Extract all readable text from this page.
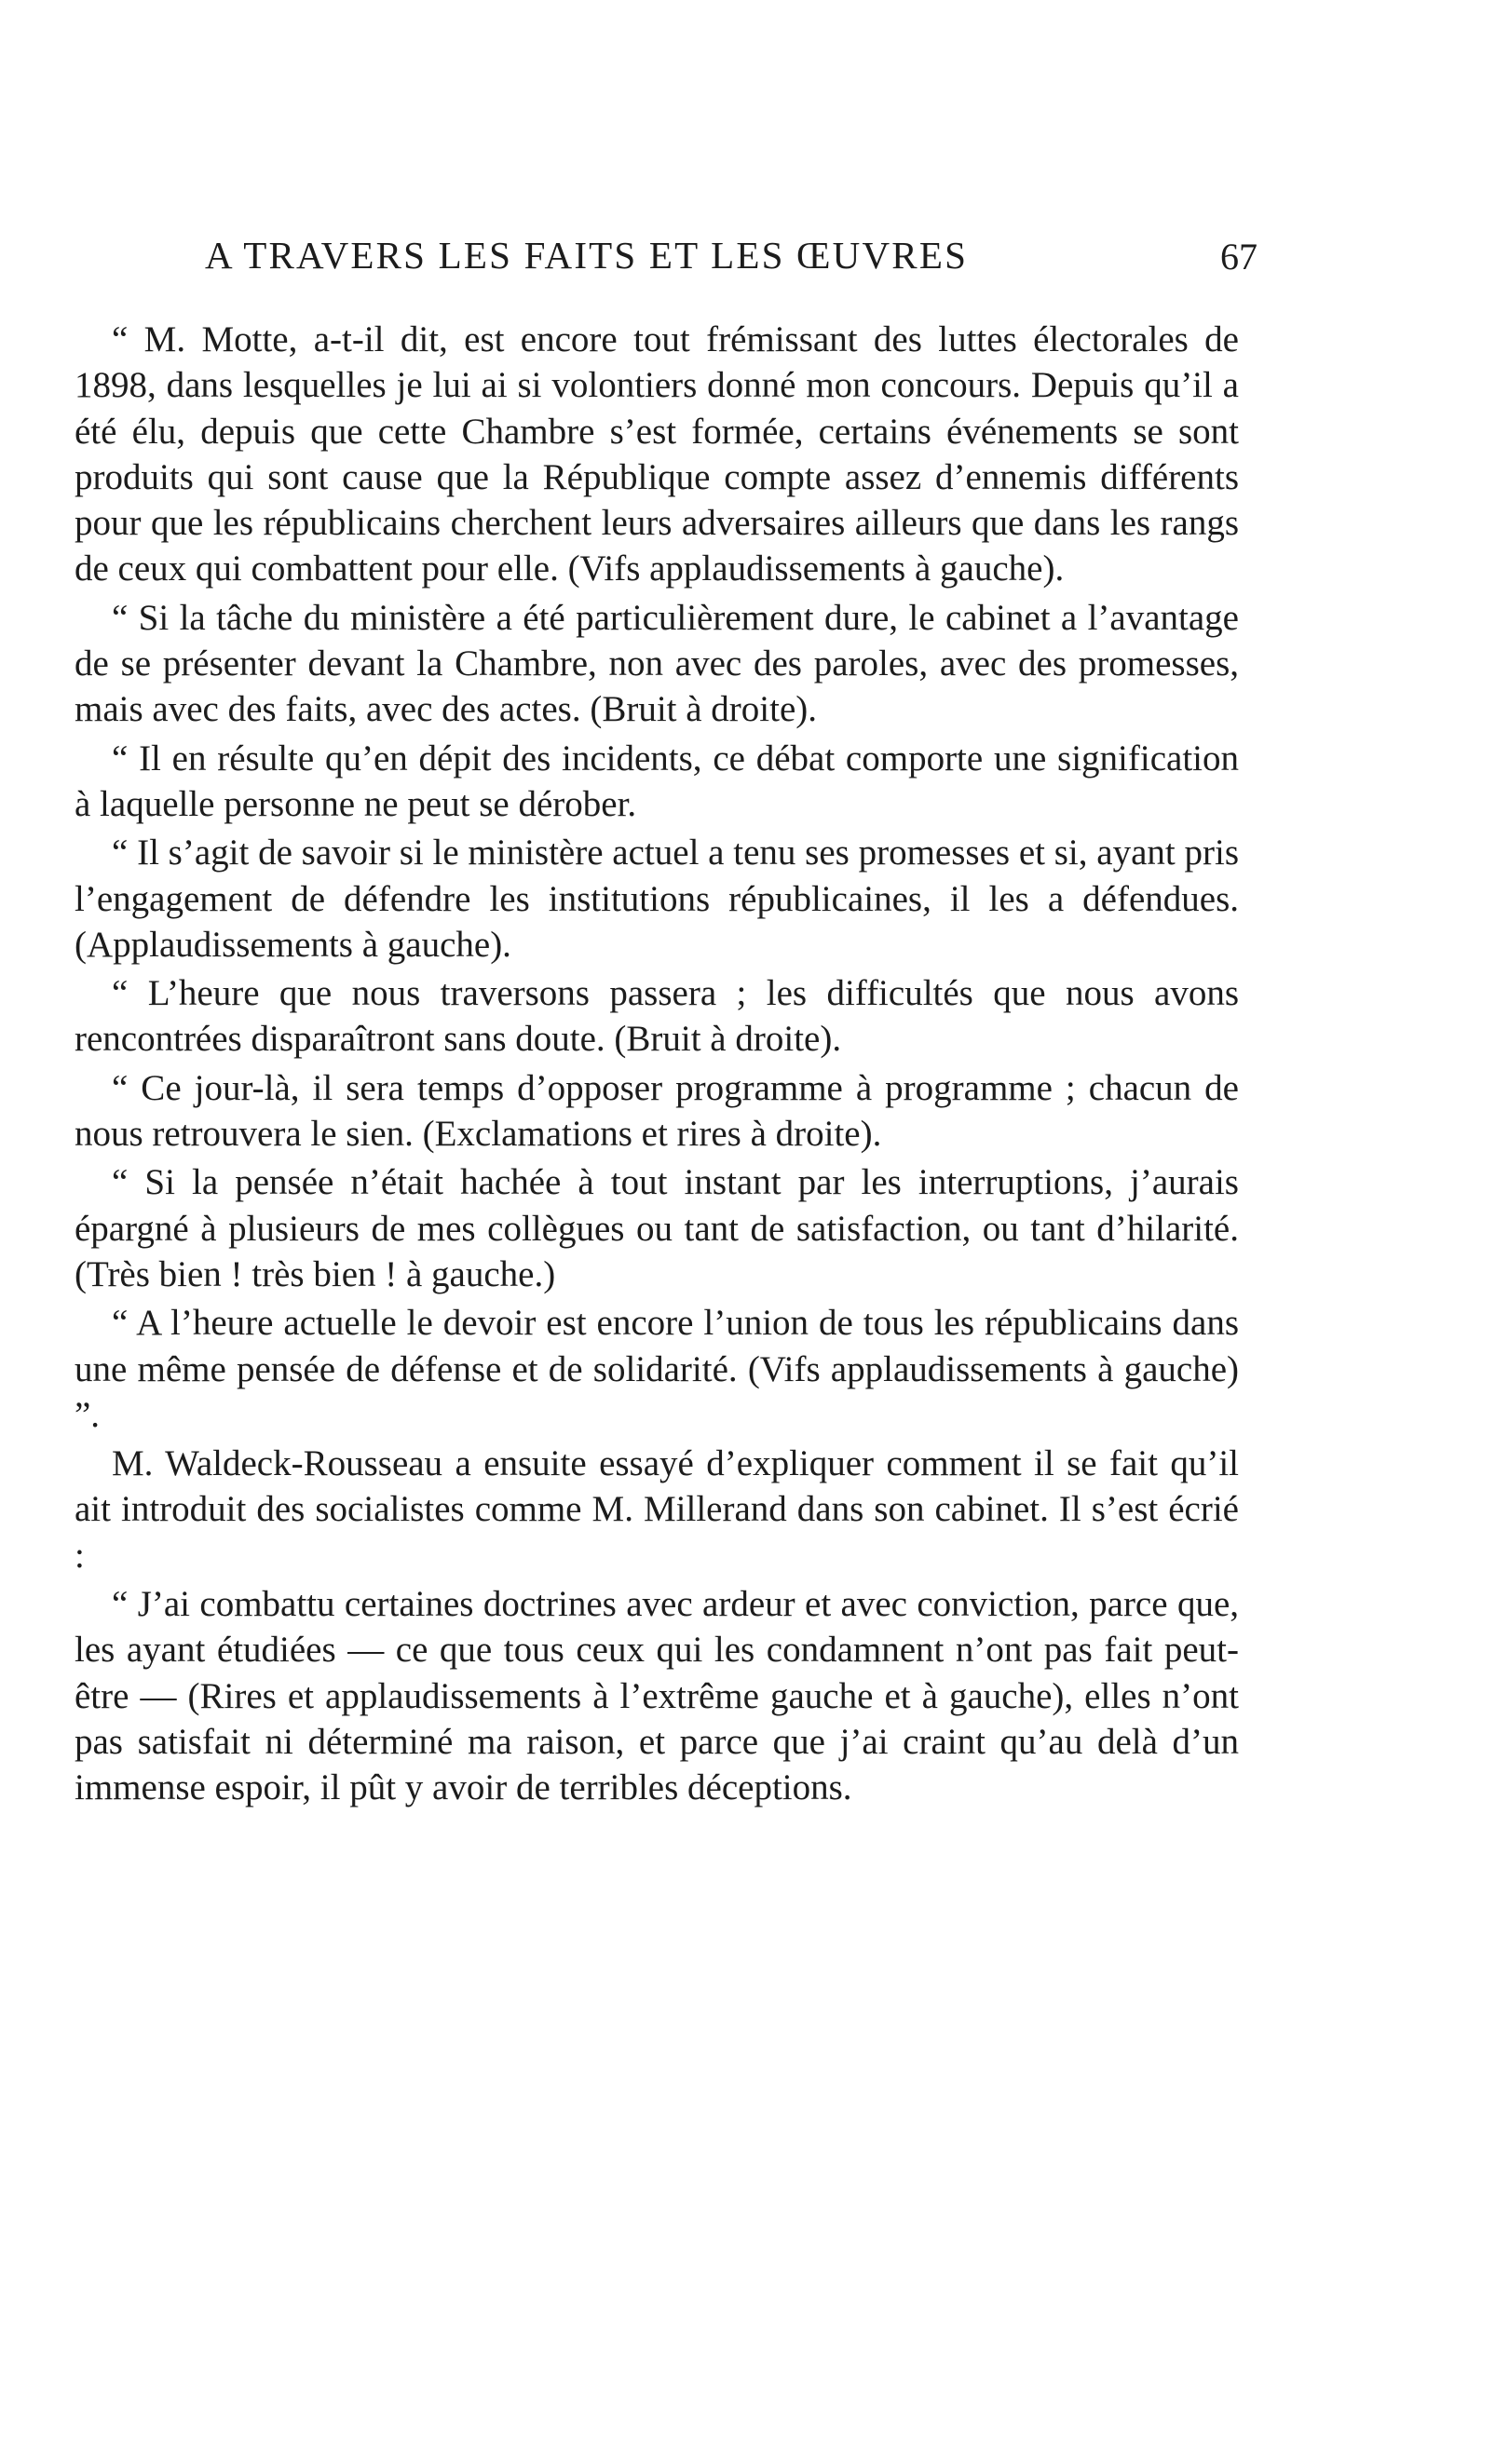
A TRAVERS LES FAITS ET LES ŒUVRES	67

“ M. Motte, a-t-il dit, est encore tout frémissant des luttes électorales de 1898, dans lesquelles je lui ai si volontiers donné mon concours. Depuis qu’il a été élu, depuis que cette Chambre s’est formée, certains événements se sont produits qui sont cause que la République compte assez d’ennemis différents pour que les républicains cherchent leurs adversaires ailleurs que dans les rangs de ceux qui combattent pour elle. (Vifs applaudissements à gauche).

“ Si la tâche du ministère a été particulièrement dure, le cabinet a l’avantage de se présenter devant la Chambre, non avec des paroles, avec des promesses, mais avec des faits, avec des actes. (Bruit à droite).

“ Il en résulte qu’en dépit des incidents, ce débat comporte une signification à laquelle personne ne peut se dérober.

“ Il s’agit de savoir si le ministère actuel a tenu ses promesses et si, ayant pris l’engagement de défendre les institutions républicaines, il les a défendues. (Applaudissements à gauche).

“ L’heure que nous traversons passera ; les difficultés que nous avons rencontrées disparaîtront sans doute. (Bruit à droite).

“ Ce jour-là, il sera temps d’opposer programme à programme ; chacun de nous retrouvera le sien. (Exclamations et rires à droite).

“ Si la pensée n’était hachée à tout instant par les interruptions, j’aurais épargné à plusieurs de mes collègues ou tant de satisfaction, ou tant d’hilarité. (Très bien ! très bien ! à gauche.)

“ A l’heure actuelle le devoir est encore l’union de tous les républicains dans une même pensée de défense et de solidarité. (Vifs applaudissements à gauche) ”.

M. Waldeck-Rousseau a ensuite essayé d’expliquer comment il se fait qu’il ait introduit des socialistes comme M. Millerand dans son cabinet. Il s’est écrié :

“ J’ai combattu certaines doctrines avec ardeur et avec conviction, parce que, les ayant étudiées — ce que tous ceux qui les condamnent n’ont pas fait peut-être — (Rires et applaudissements à l’extrême gauche et à gauche), elles n’ont pas satisfait ni déterminé ma raison, et parce que j’ai craint qu’au delà d’un immense espoir, il pût y avoir de terribles déceptions.
